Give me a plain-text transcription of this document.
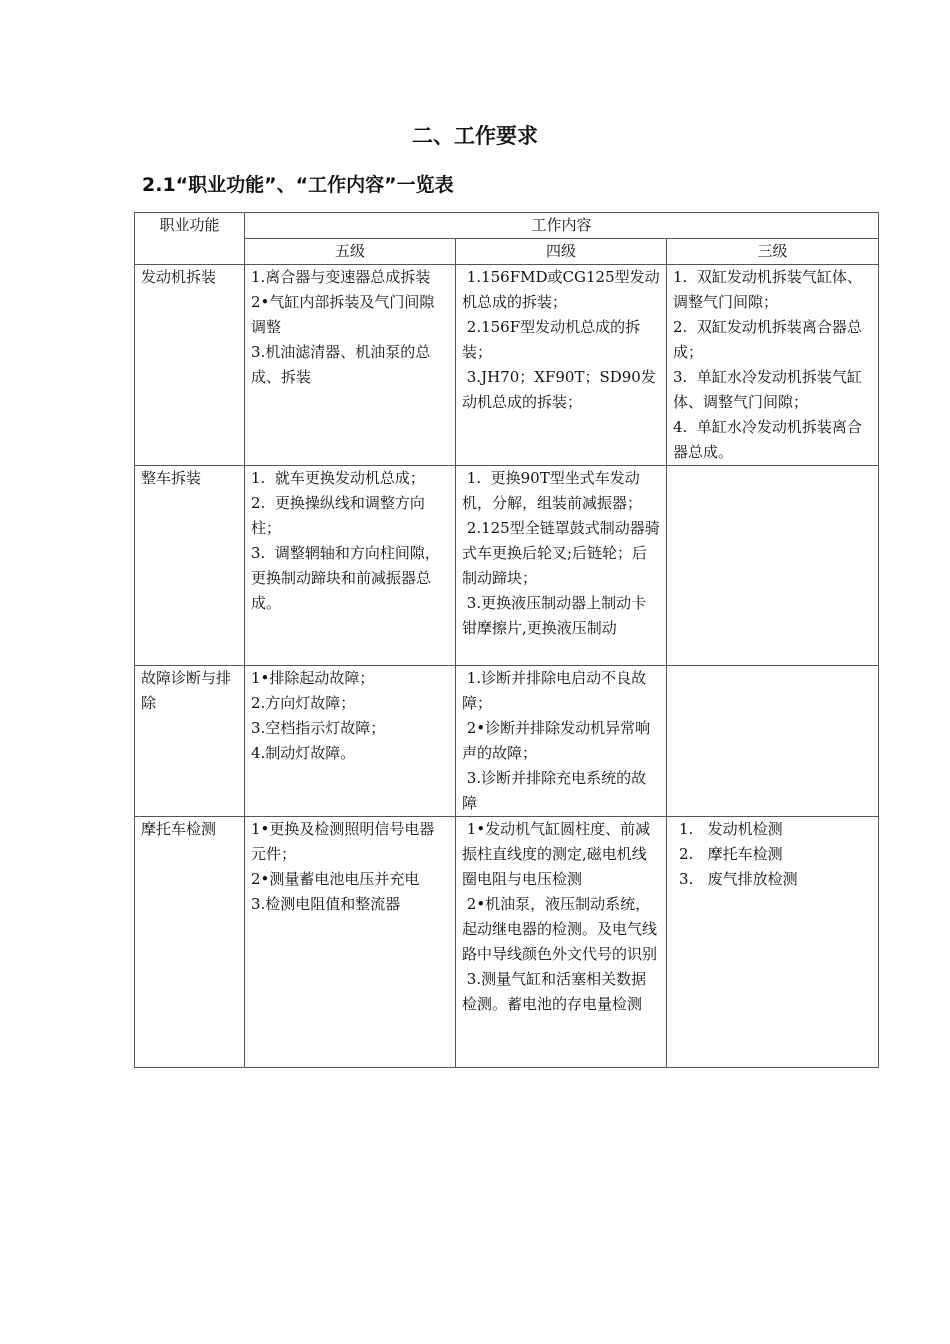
二、工作要求
2.1“职业功能”、“工作内容”一览表
职业功能	工作内容		
	五级	四级	三级
发动机拆装	1.离合器与变速器总成拆装
2•气缸内部拆装及气门间隙调整
3.机油滤清器、机油泵的总成、拆装	1.156FMD或CG125型发动机总成的拆装；
2.156F型发动机总成的拆装；
3.JH70；XF90T；SD90发动机总成的拆装；	1.  双缸发动机拆装气缸体、调整气门间隙；
2.  双缸发动机拆装离合器总成；
3.  单缸水冷发动机拆装气缸体、调整气门间隙；
4.  单缸水冷发动机拆装离合器总成。

整车拆装	1.  就车更换发动机总成；
2.  更换操纵线和调整方向柱；
3.  调整辋轴和方向柱间隙，更换制动蹄块和前减振器总成。	1.  更换90T型坐式车发动机，分解，组装前减振器；
2.125型全链罩鼓式制动器骑式车更换后轮叉;后链轮；后制动蹄块；
3.更换液压制动器上制动卡钳摩擦片,更换液压制动	

故障诊断与排除	1•排除起动故障；
2.方向灯故障；
3.空档指示灯故障；
4.制动灯故障。	1.诊断并排除电启动不良故障；
2•诊断并排除发动机异常响声的故障；
3.诊断并排除充电系统的故障	

摩托车检测	1•更换及检测照明信号电器元件；
2•测量蓄电池电压并充电
3.检测电阻值和整流器	1•发动机气缸圆柱度、前减振柱直线度的测定,磁电机线圈电阻与电压检测
2•机油泵，液压制动系统，起动继电器的检测。及电气线路中导线颜色外文代号的识别
3.测量气缸和活塞相关数据检测。蓄电池的存电量检测	1.   发动机检测
2.   摩托车检测
3.   废气排放检测
